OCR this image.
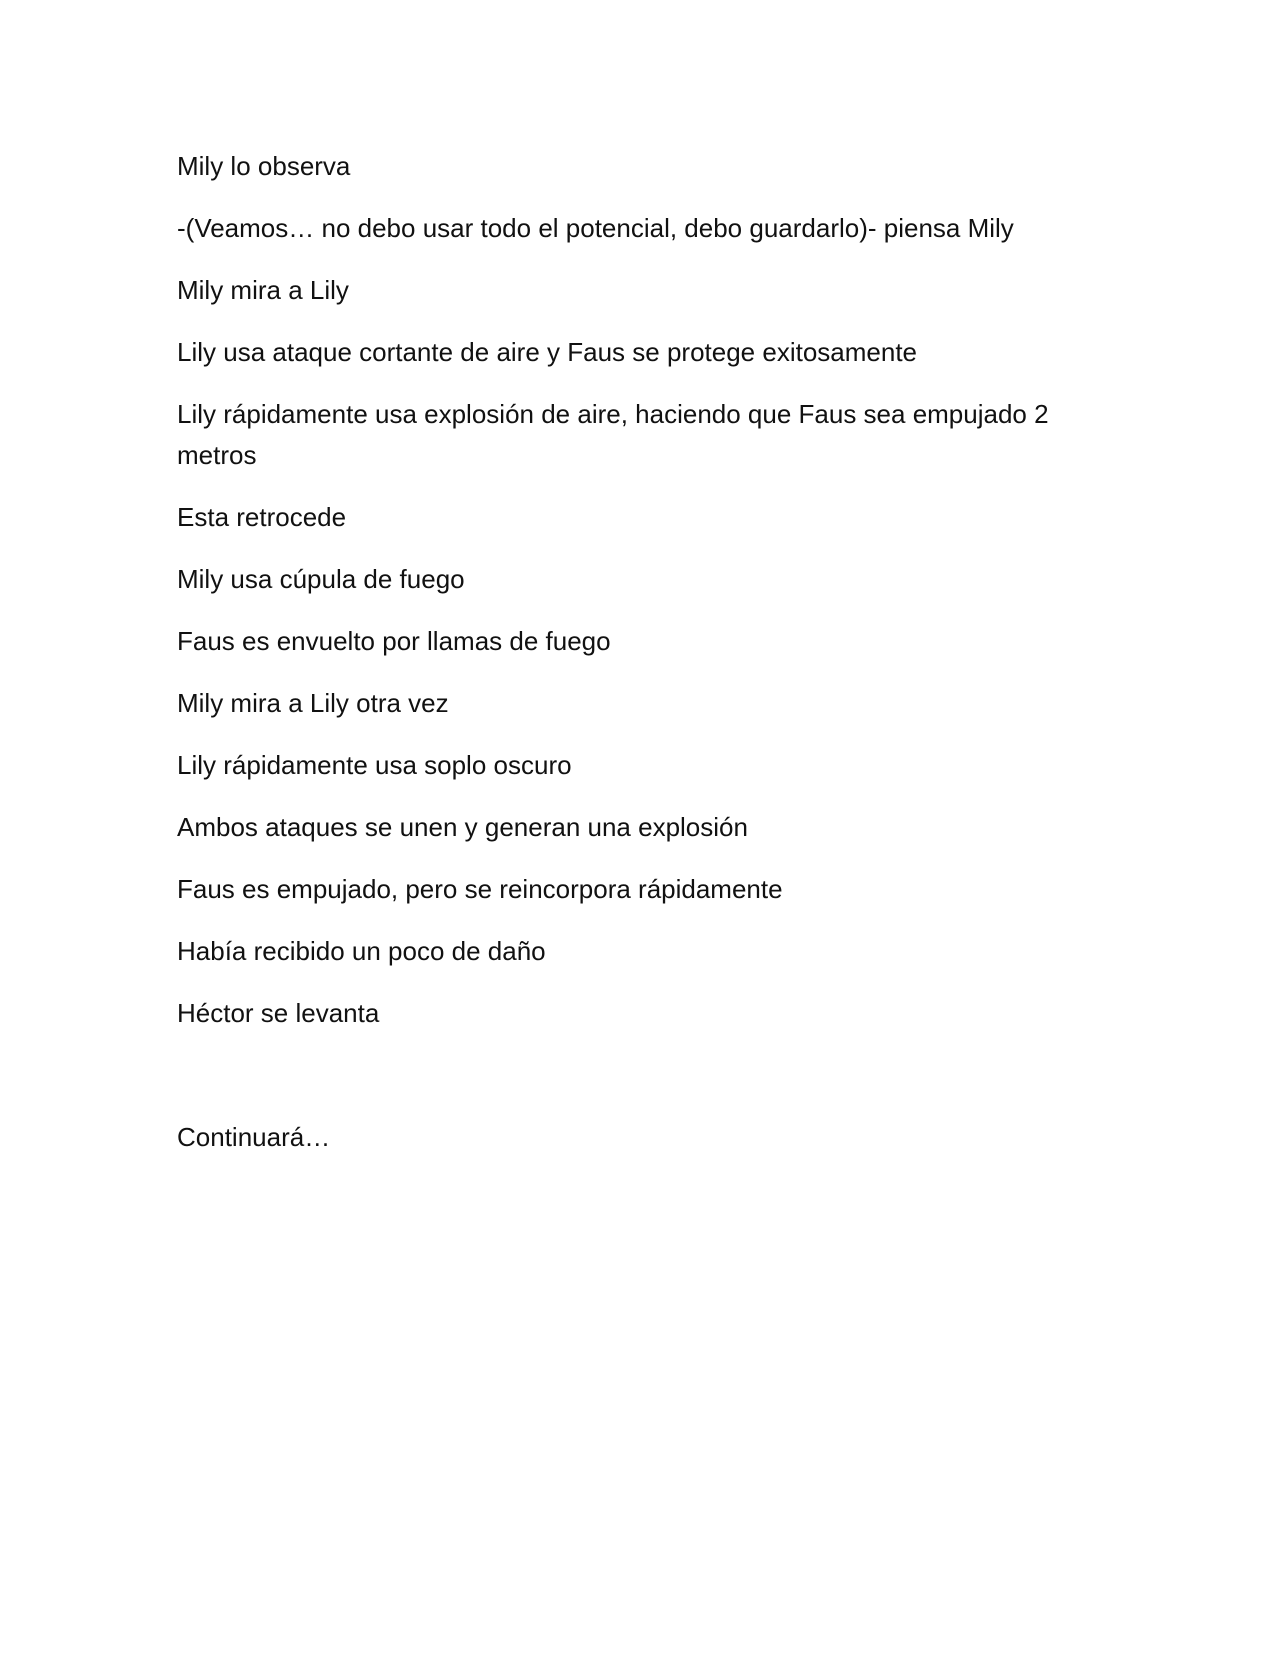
Mily lo observa

-(Veamos… no debo usar todo el potencial, debo guardarlo)- piensa Mily

Mily mira a Lily

Lily usa ataque cortante de aire y Faus se protege exitosamente

Lily rápidamente usa explosión de aire, haciendo que Faus sea empujado 2 metros

Esta retrocede

Mily usa cúpula de fuego

Faus es envuelto por llamas de fuego

Mily mira a Lily otra vez

Lily rápidamente usa soplo oscuro

Ambos ataques se unen y generan una explosión

Faus es empujado, pero se reincorpora rápidamente

Había recibido un poco de daño

Héctor se levanta

Continuará…
